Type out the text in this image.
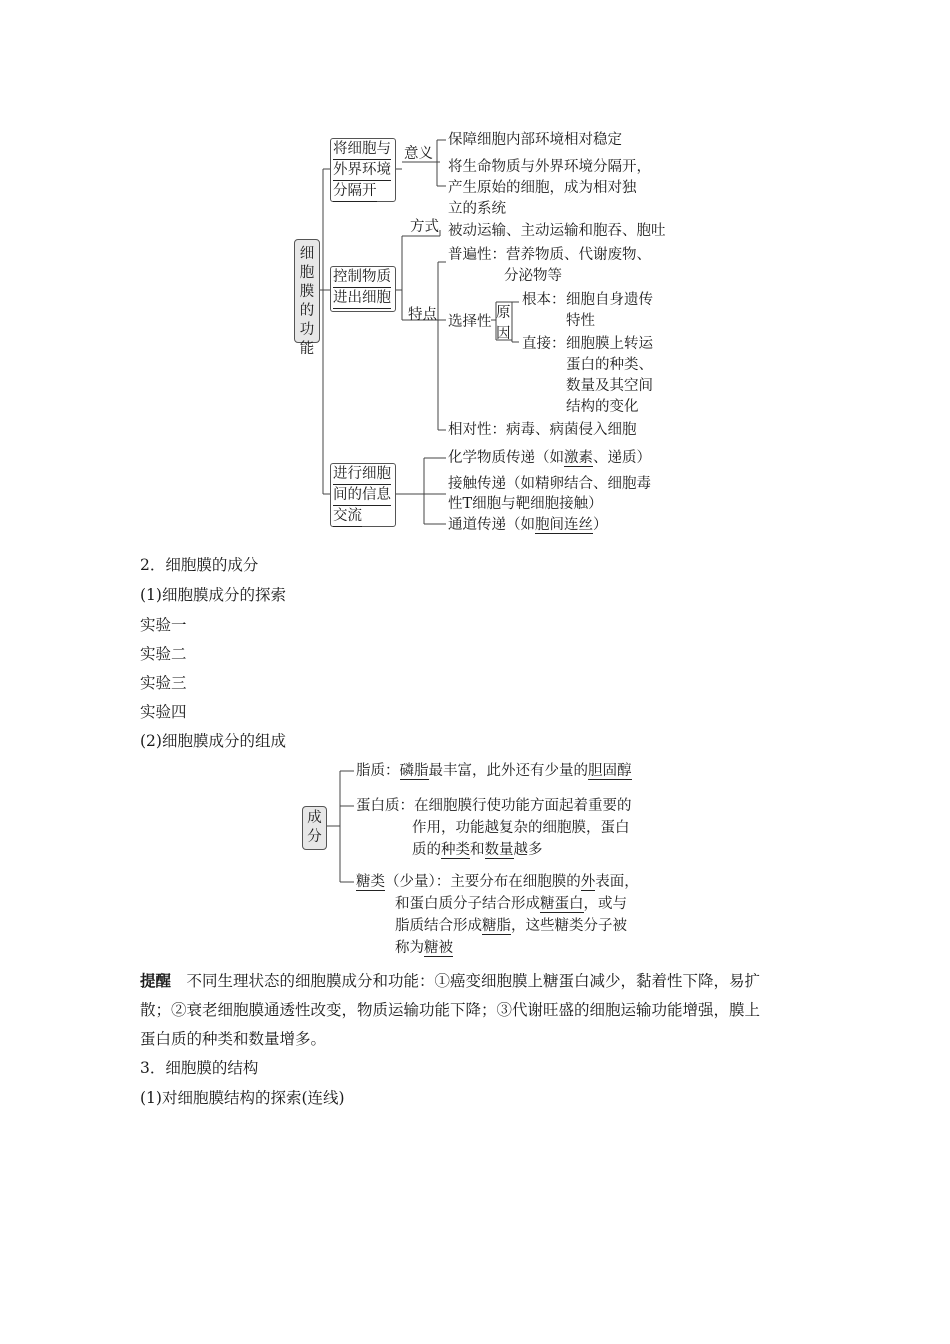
细胞膜的功能
将细胞与 外界环境 分隔开
意义
保障细胞内部环境相对稳定
将生命物质与外界环境分隔开，
产生原始的细胞，成为相对独
立的系统
控制物质 进出细胞
方式 被动运输、主动运输和胞吞、胞吐
特点
普遍性：营养物质、代谢废物、
分泌物等
选择性
原
因
根本： 细胞自身遗传
特性
直接： 细胞膜上转运
蛋白的种类、
数量及其空间
结构的变化
相对性：病毒、病菌侵入细胞
进行细胞 间的信息 交流
化学物质传递（如激素、递质）
接触传递（如精卵结合、细胞毒
性T细胞与靶细胞接触）
通道传递（如胞间连丝）
2．细胞膜的成分
(1)细胞膜成分的探索
实验一
实验二
实验三
实验四
(2)细胞膜成分的组成
成分
脂质：磷脂最丰富，此外还有少量的胆固醇
蛋白质：在细胞膜行使功能方面起着重要的
作用，功能越复杂的细胞膜，蛋白
质的种类和数量越多
糖类（少量）：主要分布在细胞膜的外表面，
和蛋白质分子结合形成糖蛋白，或与
脂质结合形成糖脂，这些糖类分子被
称为糖被
提醒　不同生理状态的细胞膜成分和功能：①癌变细胞膜上糖蛋白减少，黏着性下降，易扩
散；②衰老细胞膜通透性改变，物质运输功能下降；③代谢旺盛的细胞运输功能增强，膜上
蛋白质的种类和数量增多。
3．细胞膜的结构
(1)对细胞膜结构的探索(连线)
